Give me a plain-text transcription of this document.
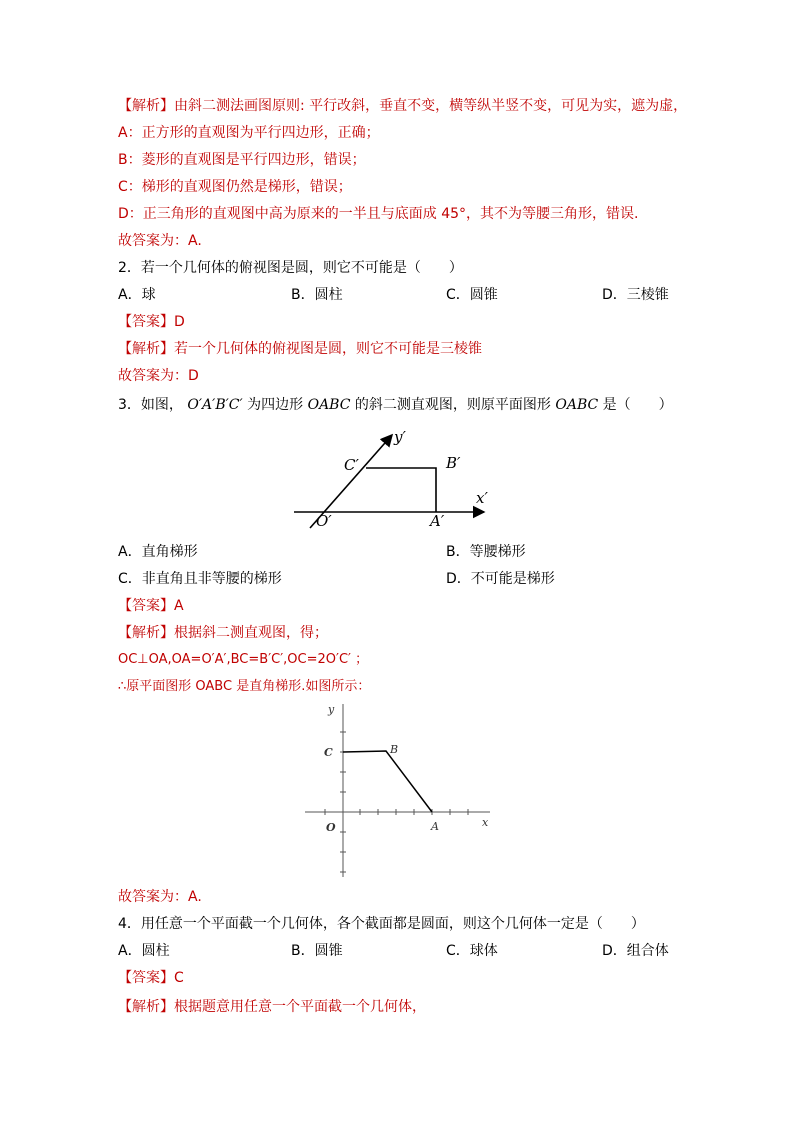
【解析】由斜二测法画图原则: 平行改斜，垂直不变，横等纵半竖不变，可见为实，遮为虚，
A：正方形的直观图为平行四边形，正确；
B：菱形的直观图是平行四边形，错误；
C：梯形的直观图仍然是梯形，错误；
D：正三角形的直观图中高为原来的一半且与底面成 45°，其不为等腰三角形，错误.
故答案为：A.
2．若一个几何体的俯视图是圆，则它不可能是（　　）
A．球	B．圆柱	C．圆锥	D．三棱锥
【答案】D
【解析】若一个几何体的俯视图是圆，则它不可能是三棱锥
故答案为：D
3．如图， O′A′B′C′ 为四边形 OABC 的斜二测直观图，则原平面图形 OABC 是（　　）
y′
C′	B′
x′
O′	A′
A．直角梯形	B．等腰梯形
C．非直角且非等腰的梯形	D．不可能是梯形
【答案】A
【解析】根据斜二测直观图，得；
OC⊥OA,OA=O′A′,BC=B′C′,OC=2O′C′ ；
∴原平面图形 OABC 是直角梯形.如图所示：
y
C	B
O	A	x
故答案为：A.
4．用任意一个平面截一个几何体，各个截面都是圆面，则这个几何体一定是（　　）
A．圆柱	B．圆锥	C．球体	D．组合体
【答案】C
【解析】根据题意用任意一个平面截一个几何体，
